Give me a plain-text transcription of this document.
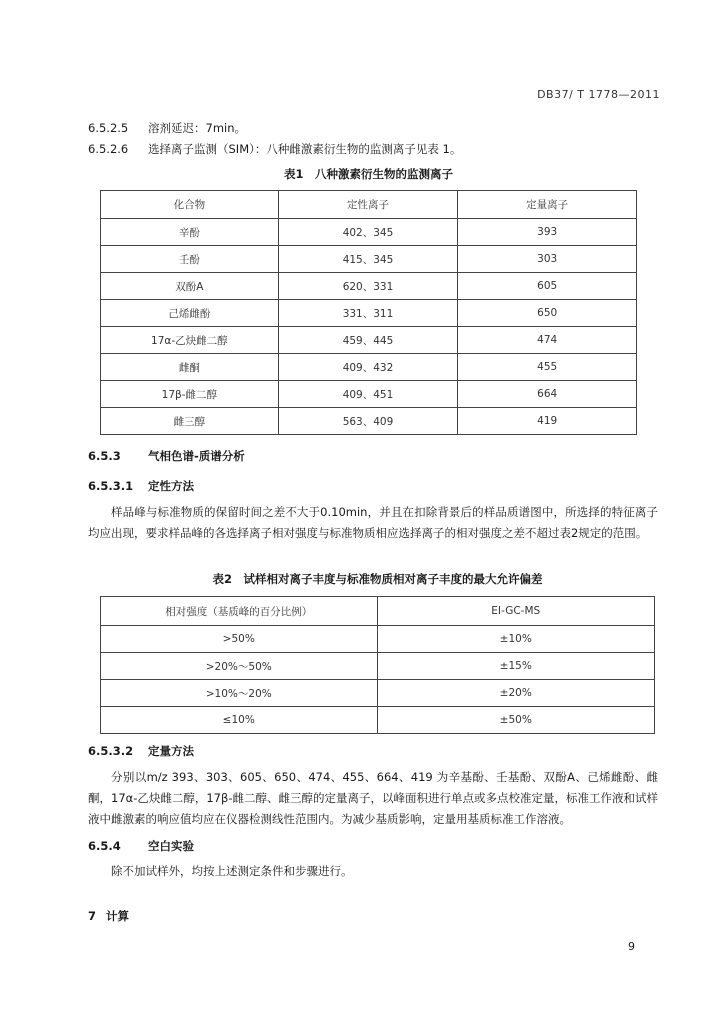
DB37/ T 1778—2011
6.5.2.5 溶剂延迟：7min。
6.5.2.6 选择离子监测（SIM）：八种雌激素衍生物的监测离子见表 1。
表1　八种激素衍生物的监测离子
化合物	定性离子	定量离子
辛酚	402、345	393
壬酚	415、345	303
双酚A	620、331	605
己烯雌酚	331、311	650
17α-乙炔雌二醇	459、445	474
雌酮	409、432	455
17β-雌二醇	409、451	664
雌三醇	563、409	419
6.5.3 气相色谱-质谱分析
6.5.3.1 定性方法
样品峰与标准物质的保留时间之差不大于0.10min，并且在扣除背景后的样品质谱图中，所选择的特征离子均应出现，要求样品峰的各选择离子相对强度与标准物质相应选择离子的相对强度之差不超过表2规定的范围。
表2　试样相对离子丰度与标准物质相对离子丰度的最大允许偏差
相对强度（基质峰的百分比例）	EI-GC-MS
>50%	±10%
>20%～50%	±15%
>10%～20%	±20%
≤10%	±50%
6.5.3.2 定量方法
分别以m/z 393、303、605、650、474、455、664、419 为辛基酚、壬基酚、双酚A、己烯雌酚、雌酮，17α-乙炔雌二醇，17β-雌二醇、雌三醇的定量离子，以峰面积进行单点或多点校准定量，标准工作液和试样液中雌激素的响应值均应在仪器检测线性范围内。为减少基质影响，定量用基质标准工作溶液。
6.5.4 空白实验
除不加试样外，均按上述测定条件和步骤进行。
7 计算
9
